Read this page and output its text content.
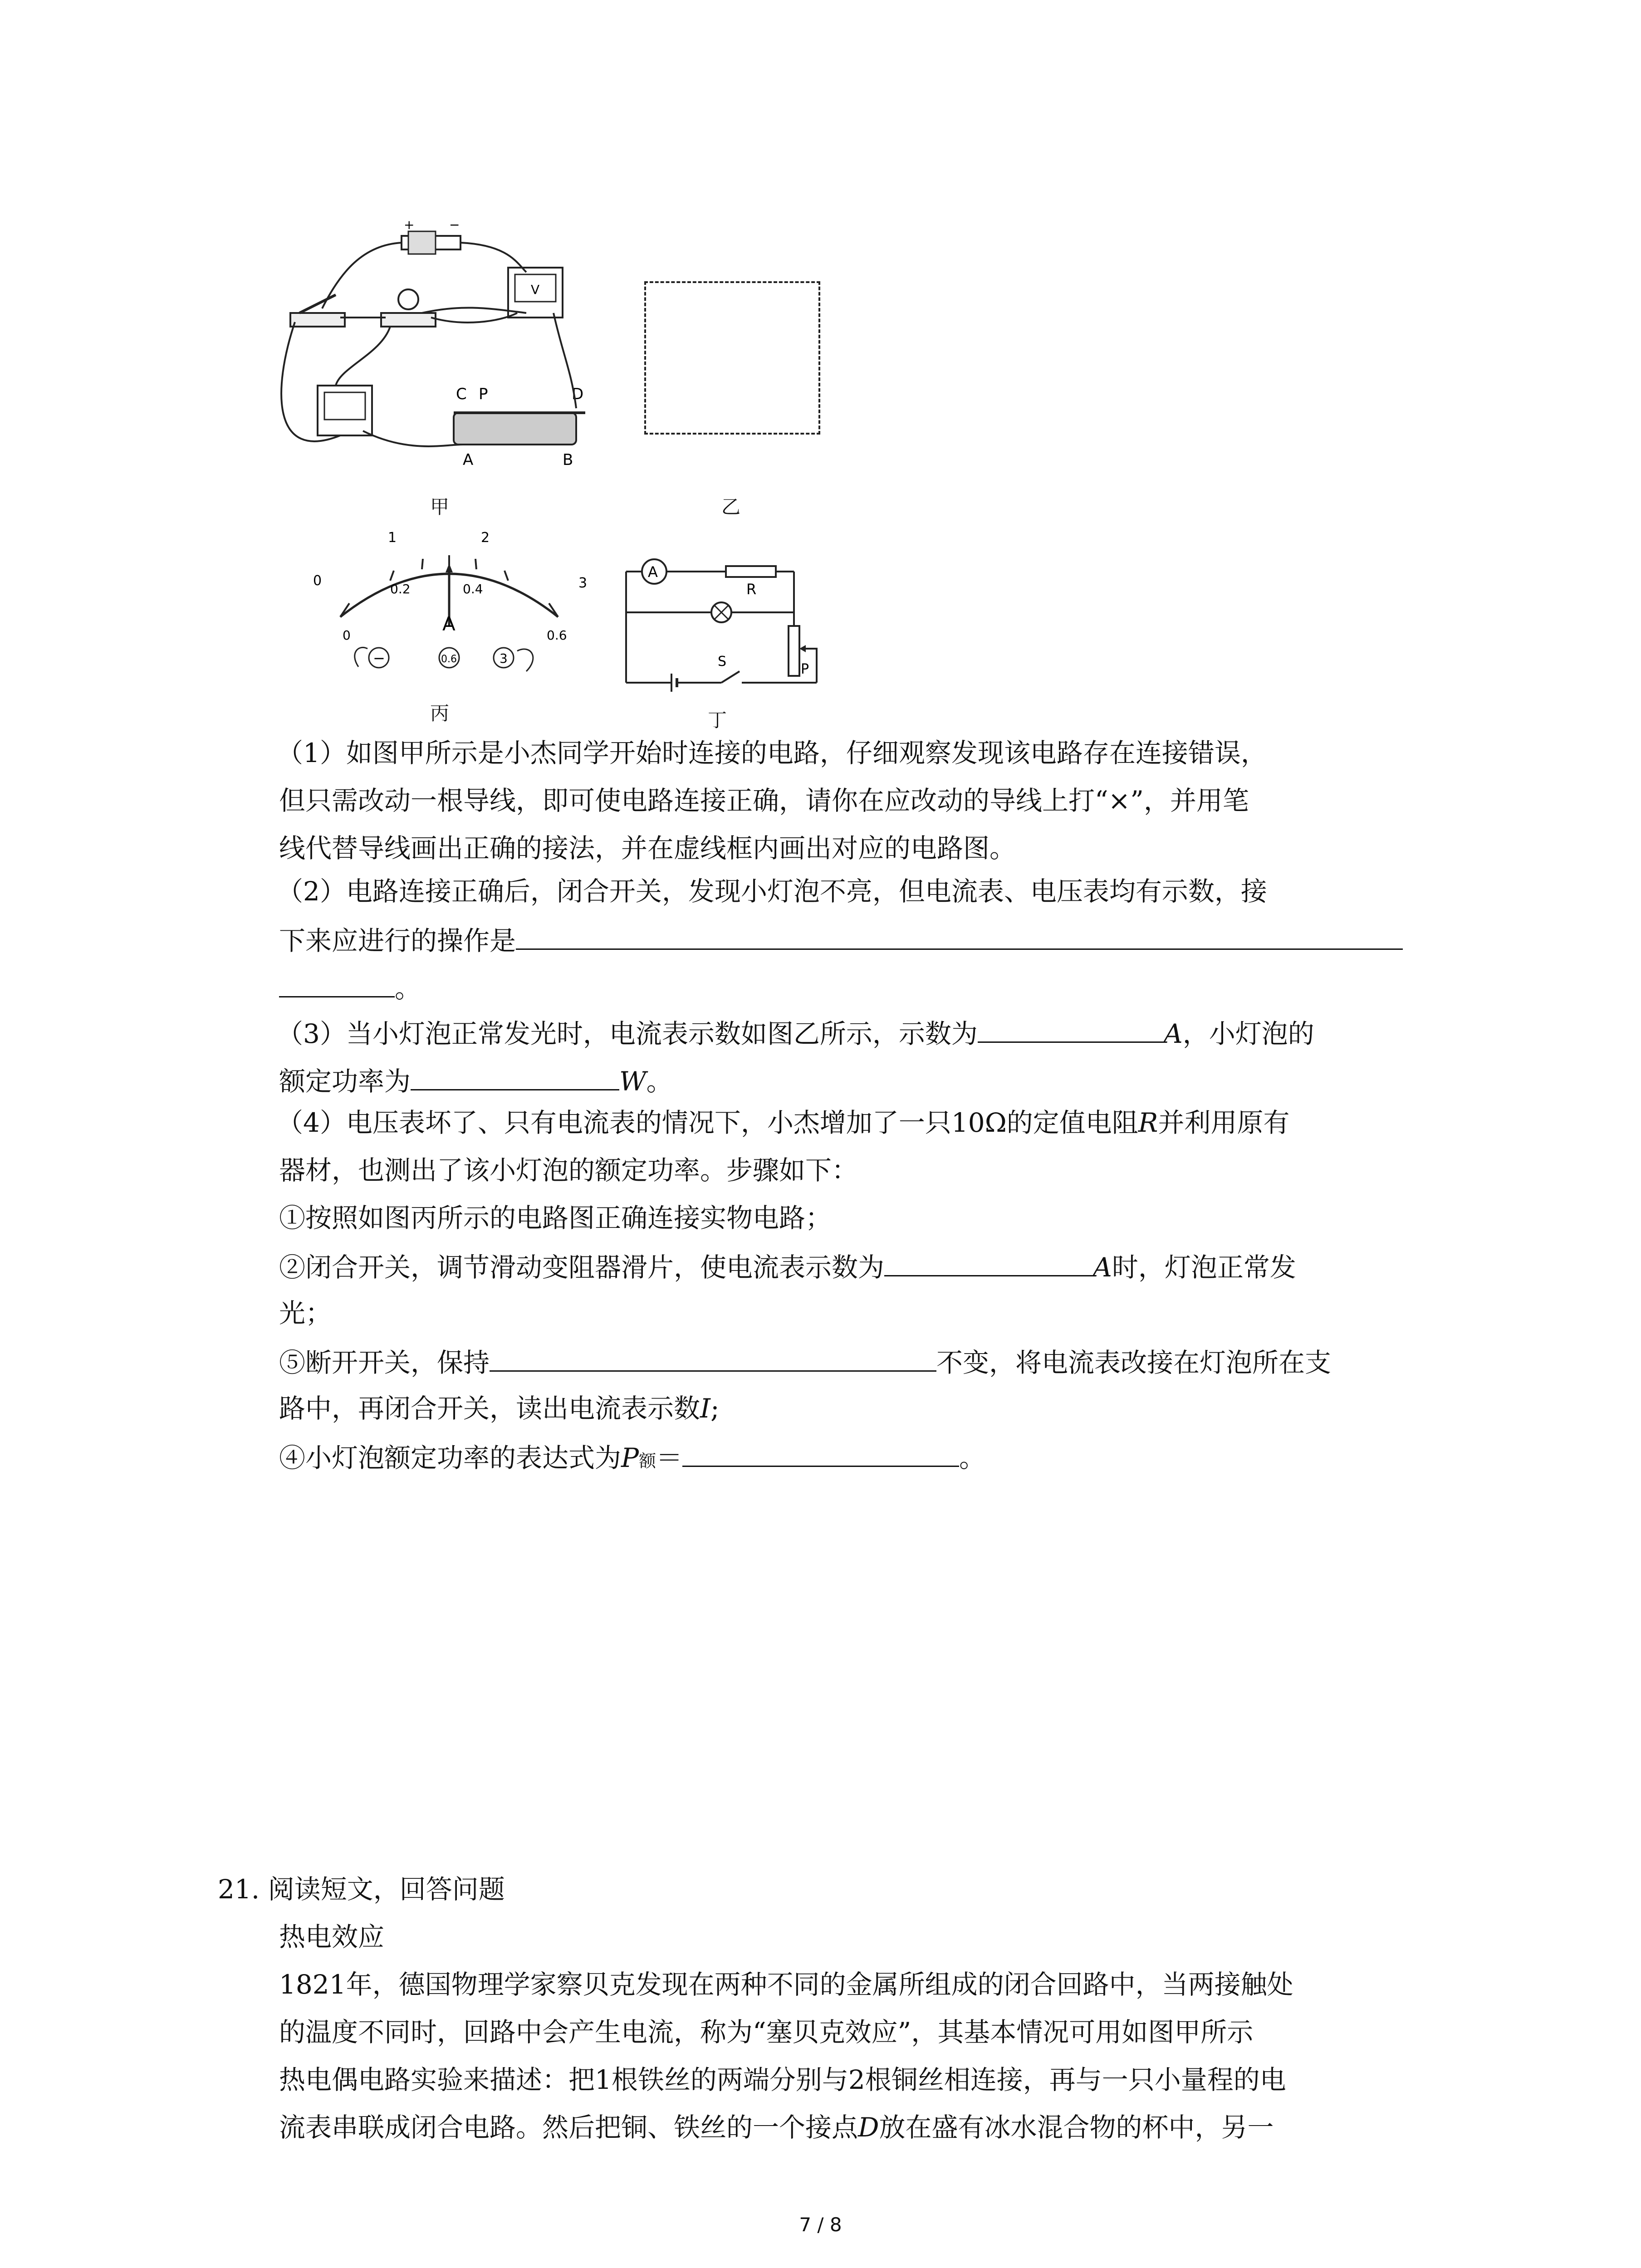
+	−
V
C P	D
A	B
甲	乙
0
1	2
3
0
0.2	0.4
0.6
A
−	0.6	3
丙
A
R
P
S
丁
（1）如图甲所示是小杰同学开始时连接的电路，仔细观察发现该电路存在连接错误，
但只需改动一根导线，即可使电路连接正确，请你在应改动的导线上打“×”，并用笔
线代替导线画出正确的接法，并在虚线框内画出对应的电路图。
（2）电路连接正确后，闭合开关，发现小灯泡不亮，但电流表、电压表均有示数，接
下来应进行的操作是
。
（3）当小灯泡正常发光时，电流表示数如图乙所示，示数为	A，小灯泡的
额定功率为	W。
（4）电压表坏了、只有电流表的情况下，小杰增加了一只10Ω的定值电阻R并利用原有
器材，也测出了该小灯泡的额定功率。步骤如下：
①按照如图丙所示的电路图正确连接实物电路；
②闭合开关，调节滑动变阻器滑片，使电流表示数为	A时，灯泡正常发
光；
⑤断开开关，保持	不变，将电流表改接在灯泡所在支
路中，再闭合开关，读出电流表示数I;
④小灯泡额定功率的表达式为P额＝	。
21. 阅读短文，回答问题
热电效应
1821年，德国物理学家察贝克发现在两种不同的金属所组成的闭合回路中，当两接触处
的温度不同时，回路中会产生电流，称为“塞贝克效应”，其基本情况可用如图甲所示
热电偶电路实验来描述：把1根铁丝的两端分别与2根铜丝相连接，再与一只小量程的电
流表串联成闭合电路。然后把铜、铁丝的一个接点D放在盛有冰水混合物的杯中，另一
7 / 8
